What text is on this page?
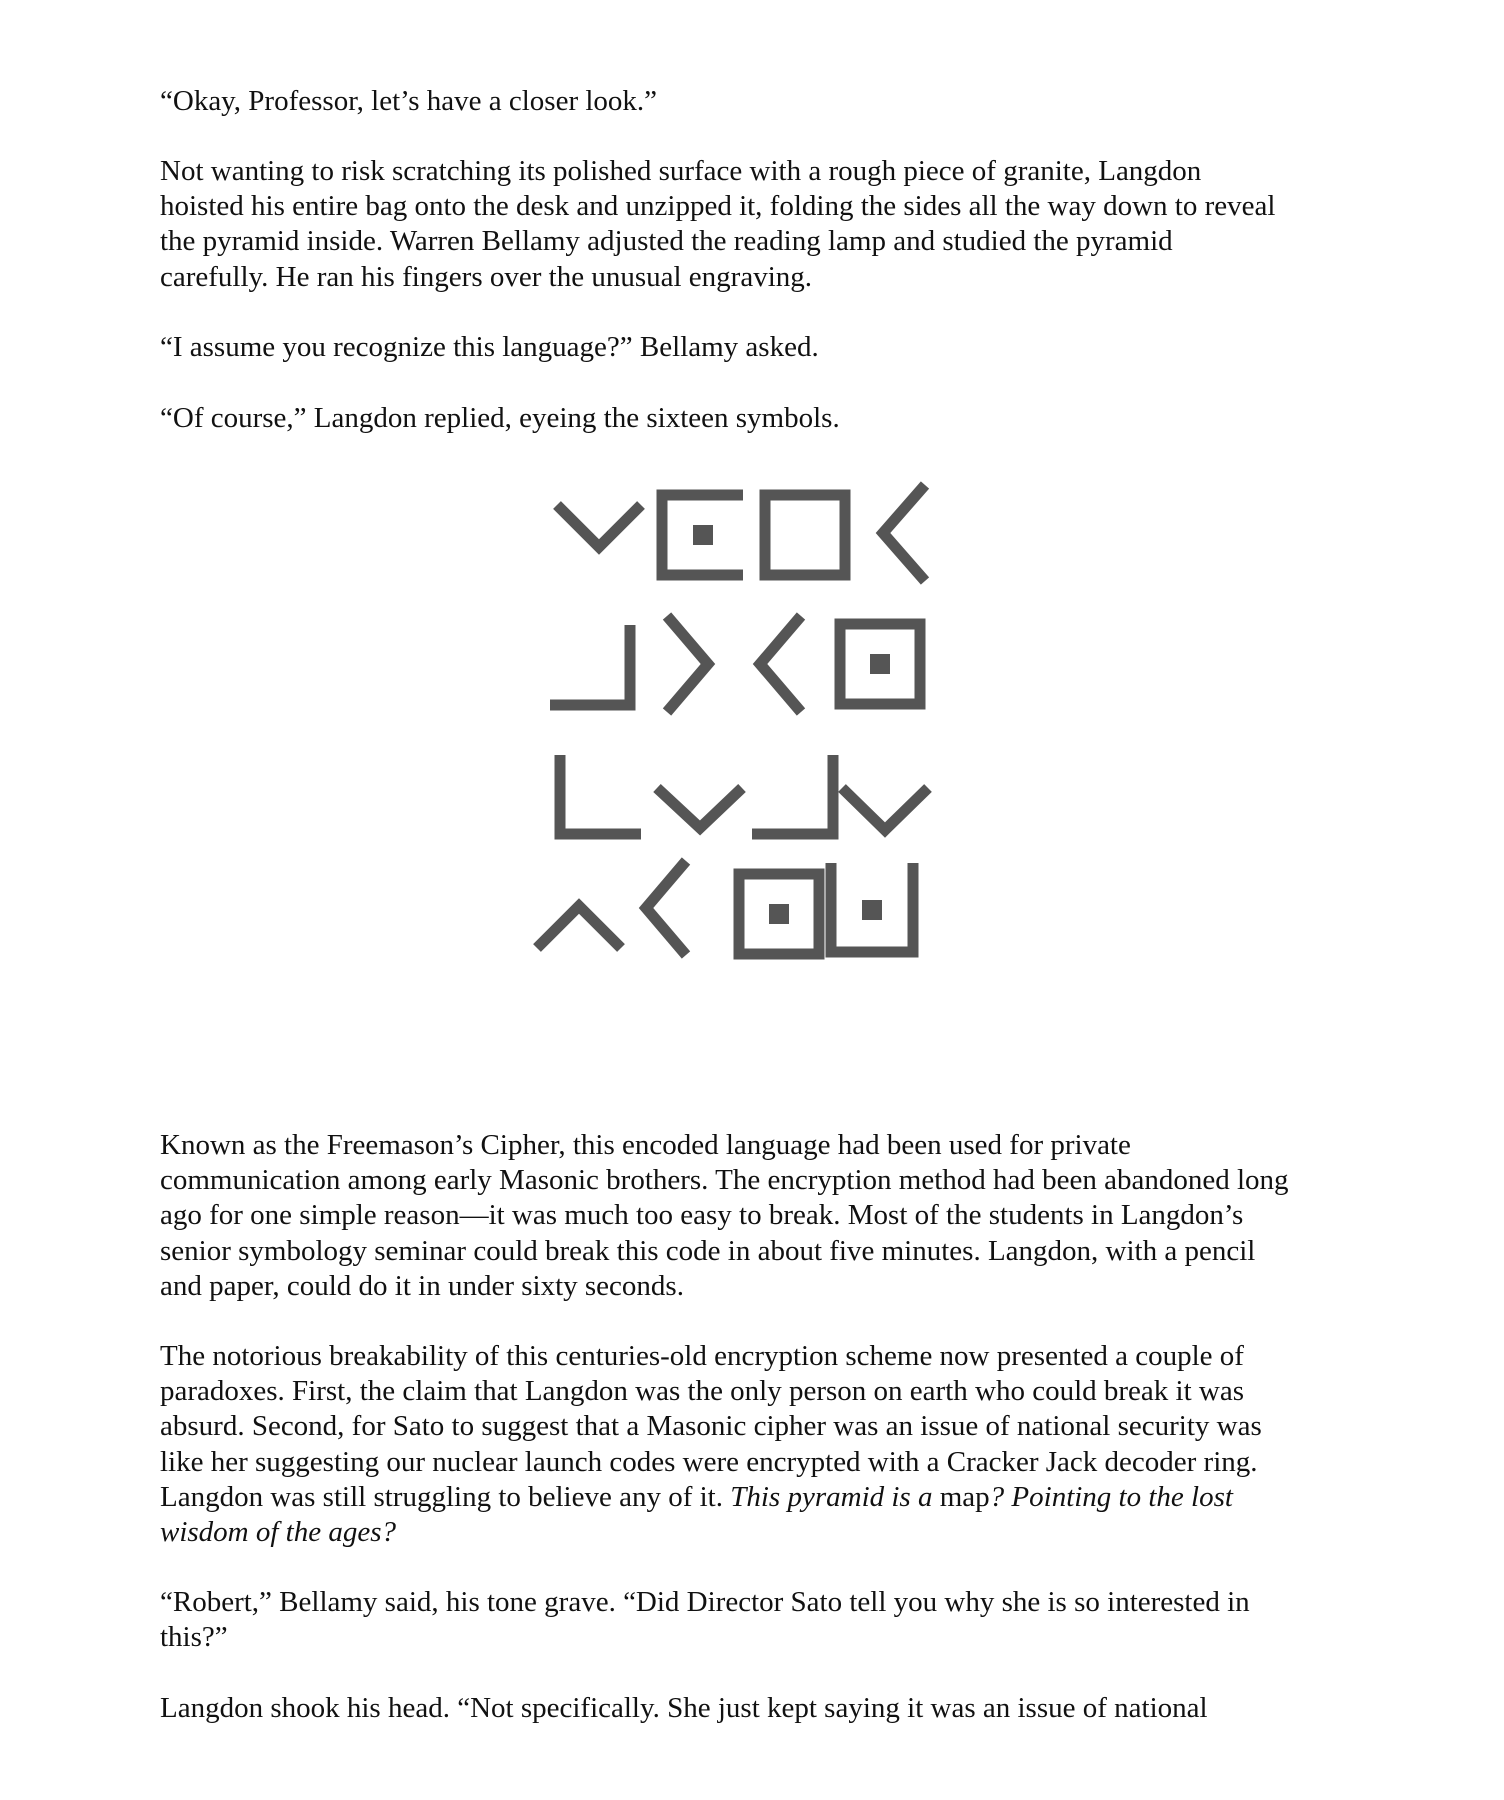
“Okay, Professor, let’s have a closer look.”

Not wanting to risk scratching its polished surface with a rough piece of granite, Langdon
hoisted his entire bag onto the desk and unzipped it, folding the sides all the way down to reveal
the pyramid inside. Warren Bellamy adjusted the reading lamp and studied the pyramid
carefully. He ran his fingers over the unusual engraving.

“I assume you recognize this language?” Bellamy asked.

“Of course,” Langdon replied, eyeing the sixteen symbols.

Known as the Freemason’s Cipher, this encoded language had been used for private
communication among early Masonic brothers. The encryption method had been abandoned long
ago for one simple reason—it was much too easy to break. Most of the students in Langdon’s
senior symbology seminar could break this code in about five minutes. Langdon, with a pencil
and paper, could do it in under sixty seconds.

The notorious breakability of this centuries-old encryption scheme now presented a couple of
paradoxes. First, the claim that Langdon was the only person on earth who could break it was
absurd. Second, for Sato to suggest that a Masonic cipher was an issue of national security was
like her suggesting our nuclear launch codes were encrypted with a Cracker Jack decoder ring.
Langdon was still struggling to believe any of it. This pyramid is a map? Pointing to the lost
wisdom of the ages?

“Robert,” Bellamy said, his tone grave. “Did Director Sato tell you why she is so interested in
this?”

Langdon shook his head. “Not specifically. She just kept saying it was an issue of national
